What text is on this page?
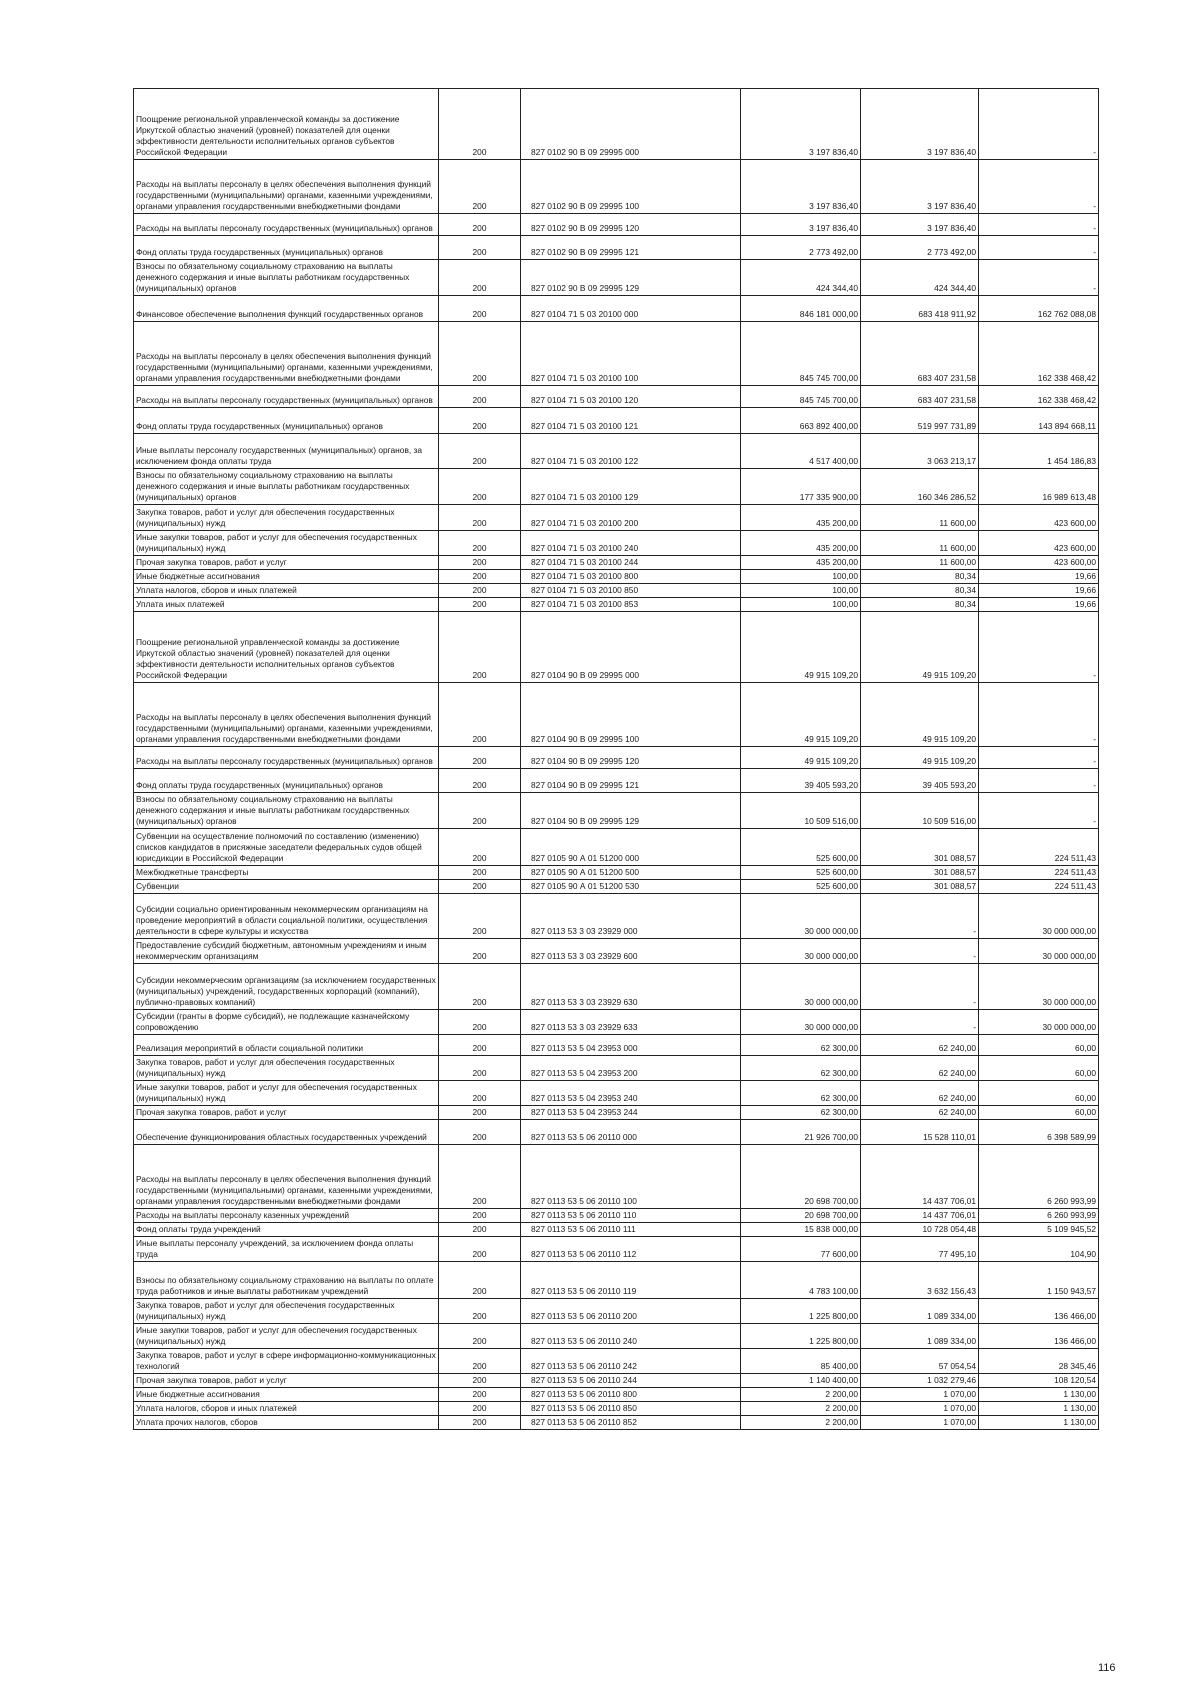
Поощрение региональной управленческой команды за достижение Иркутской областью значений (уровней) показателей для оценки эффективности деятельности исполнительных органов субъектов Российской Федерации	200	827 0102 90 В 09 29995 000	3 197 836,40	3 197 836,40	-
Расходы на выплаты персоналу в целях обеспечения выполнения функций государственными (муниципальными) органами, казенными учреждениями, органами управления государственными внебюджетными фондами	200	827 0102 90 В 09 29995 100	3 197 836,40	3 197 836,40	-
Расходы на выплаты персоналу государственных (муниципальных) органов	200	827 0102 90 В 09 29995 120	3 197 836,40	3 197 836,40	-
Фонд оплаты труда государственных (муниципальных) органов	200	827 0102 90 В 09 29995 121	2 773 492,00	2 773 492,00	-
Взносы по обязательному социальному страхованию на выплаты денежного содержания и иные выплаты работникам государственных (муниципальных) органов	200	827 0102 90 В 09 29995 129	424 344,40	424 344,40	-
Финансовое обеспечение выполнения функций государственных органов	200	827 0104 71 5 03 20100 000	846 181 000,00	683 418 911,92	162 762 088,08
Расходы на выплаты персоналу в целях обеспечения выполнения функций государственными (муниципальными) органами, казенными учреждениями, органами управления государственными внебюджетными фондами	200	827 0104 71 5 03 20100 100	845 745 700,00	683 407 231,58	162 338 468,42
Расходы на выплаты персоналу государственных (муниципальных) органов	200	827 0104 71 5 03 20100 120	845 745 700,00	683 407 231,58	162 338 468,42
Фонд оплаты труда государственных (муниципальных) органов	200	827 0104 71 5 03 20100 121	663 892 400,00	519 997 731,89	143 894 668,11
Иные выплаты персоналу государственных (муниципальных) органов, за исключением фонда оплаты труда	200	827 0104 71 5 03 20100 122	4 517 400,00	3 063 213,17	1 454 186,83
Взносы по обязательному социальному страхованию на выплаты денежного содержания и иные выплаты работникам государственных (муниципальных) органов	200	827 0104 71 5 03 20100 129	177 335 900,00	160 346 286,52	16 989 613,48
Закупка товаров, работ и услуг для обеспечения государственных (муниципальных) нужд	200	827 0104 71 5 03 20100 200	435 200,00	11 600,00	423 600,00
Иные закупки товаров, работ и услуг для обеспечения государственных (муниципальных) нужд	200	827 0104 71 5 03 20100 240	435 200,00	11 600,00	423 600,00
Прочая закупка товаров, работ и услуг	200	827 0104 71 5 03 20100 244	435 200,00	11 600,00	423 600,00
Иные бюджетные ассигнования	200	827 0104 71 5 03 20100 800	100,00	80,34	19,66
Уплата налогов, сборов и иных платежей	200	827 0104 71 5 03 20100 850	100,00	80,34	19,66
Уплата иных платежей	200	827 0104 71 5 03 20100 853	100,00	80,34	19,66
Поощрение региональной управленческой команды за достижение Иркутской областью значений (уровней) показателей для оценки эффективности деятельности исполнительных органов субъектов Российской Федерации	200	827 0104 90 В 09 29995 000	49 915 109,20	49 915 109,20	-
Расходы на выплаты персоналу в целях обеспечения выполнения функций государственными (муниципальными) органами, казенными учреждениями, органами управления государственными внебюджетными фондами	200	827 0104 90 В 09 29995 100	49 915 109,20	49 915 109,20	-
Расходы на выплаты персоналу государственных (муниципальных) органов	200	827 0104 90 В 09 29995 120	49 915 109,20	49 915 109,20	-
Фонд оплаты труда государственных (муниципальных) органов	200	827 0104 90 В 09 29995 121	39 405 593,20	39 405 593,20	-
Взносы по обязательному социальному страхованию на выплаты денежного содержания и иные выплаты работникам государственных (муниципальных) органов	200	827 0104 90 В 09 29995 129	10 509 516,00	10 509 516,00	-
Субвенции на осуществление полномочий по составлению (изменению) списков кандидатов в присяжные заседатели федеральных судов общей юрисдикции в Российской Федерации	200	827 0105 90 А 01 51200 000	525 600,00	301 088,57	224 511,43
Межбюджетные трансферты	200	827 0105 90 А 01 51200 500	525 600,00	301 088,57	224 511,43
Субвенции	200	827 0105 90 А 01 51200 530	525 600,00	301 088,57	224 511,43
Субсидии социально ориентированным некоммерческим организациям на проведение мероприятий в области социальной политики, осуществления деятельности в сфере культуры и искусства	200	827 0113 53 3 03 23929 000	30 000 000,00	-	30 000 000,00
Предоставление субсидий бюджетным, автономным учреждениям и иным некоммерческим организациям	200	827 0113 53 3 03 23929 600	30 000 000,00	-	30 000 000,00
Субсидии некоммерческим организациям (за исключением государственных (муниципальных) учреждений, государственных корпораций (компаний), публично-правовых компаний)	200	827 0113 53 3 03 23929 630	30 000 000,00	-	30 000 000,00
Субсидии (гранты в форме субсидий), не подлежащие казначейскому сопровождению	200	827 0113 53 3 03 23929 633	30 000 000,00	-	30 000 000,00
Реализация мероприятий в области социальной политики	200	827 0113 53 5 04 23953 000	62 300,00	62 240,00	60,00
Закупка товаров, работ и услуг для обеспечения государственных (муниципальных) нужд	200	827 0113 53 5 04 23953 200	62 300,00	62 240,00	60,00
Иные закупки товаров, работ и услуг для обеспечения государственных (муниципальных) нужд	200	827 0113 53 5 04 23953 240	62 300,00	62 240,00	60,00
Прочая закупка товаров, работ и услуг	200	827 0113 53 5 04 23953 244	62 300,00	62 240,00	60,00
Обеспечение функционирования областных государственных учреждений	200	827 0113 53 5 06 20110 000	21 926 700,00	15 528 110,01	6 398 589,99
Расходы на выплаты персоналу в целях обеспечения выполнения функций государственными (муниципальными) органами, казенными учреждениями, органами управления государственными внебюджетными фондами	200	827 0113 53 5 06 20110 100	20 698 700,00	14 437 706,01	6 260 993,99
Расходы на выплаты персоналу казенных учреждений	200	827 0113 53 5 06 20110 110	20 698 700,00	14 437 706,01	6 260 993,99
Фонд оплаты труда учреждений	200	827 0113 53 5 06 20110 111	15 838 000,00	10 728 054,48	5 109 945,52
Иные выплаты персоналу учреждений, за исключением фонда оплаты труда	200	827 0113 53 5 06 20110 112	77 600,00	77 495,10	104,90
Взносы по обязательному социальному страхованию на выплаты по оплате труда работников и иные выплаты работникам учреждений	200	827 0113 53 5 06 20110 119	4 783 100,00	3 632 156,43	1 150 943,57
Закупка товаров, работ и услуг для обеспечения государственных (муниципальных) нужд	200	827 0113 53 5 06 20110 200	1 225 800,00	1 089 334,00	136 466,00
Иные закупки товаров, работ и услуг для обеспечения государственных (муниципальных) нужд	200	827 0113 53 5 06 20110 240	1 225 800,00	1 089 334,00	136 466,00
Закупка товаров, работ и услуг в сфере информационно-коммуникационных технологий	200	827 0113 53 5 06 20110 242	85 400,00	57 054,54	28 345,46
Прочая закупка товаров, работ и услуг	200	827 0113 53 5 06 20110 244	1 140 400,00	1 032 279,46	108 120,54
Иные бюджетные ассигнования	200	827 0113 53 5 06 20110 800	2 200,00	1 070,00	1 130,00
Уплата налогов, сборов и иных платежей	200	827 0113 53 5 06 20110 850	2 200,00	1 070,00	1 130,00
Уплата прочих налогов, сборов	200	827 0113 53 5 06 20110 852	2 200,00	1 070,00	1 130,00
116
